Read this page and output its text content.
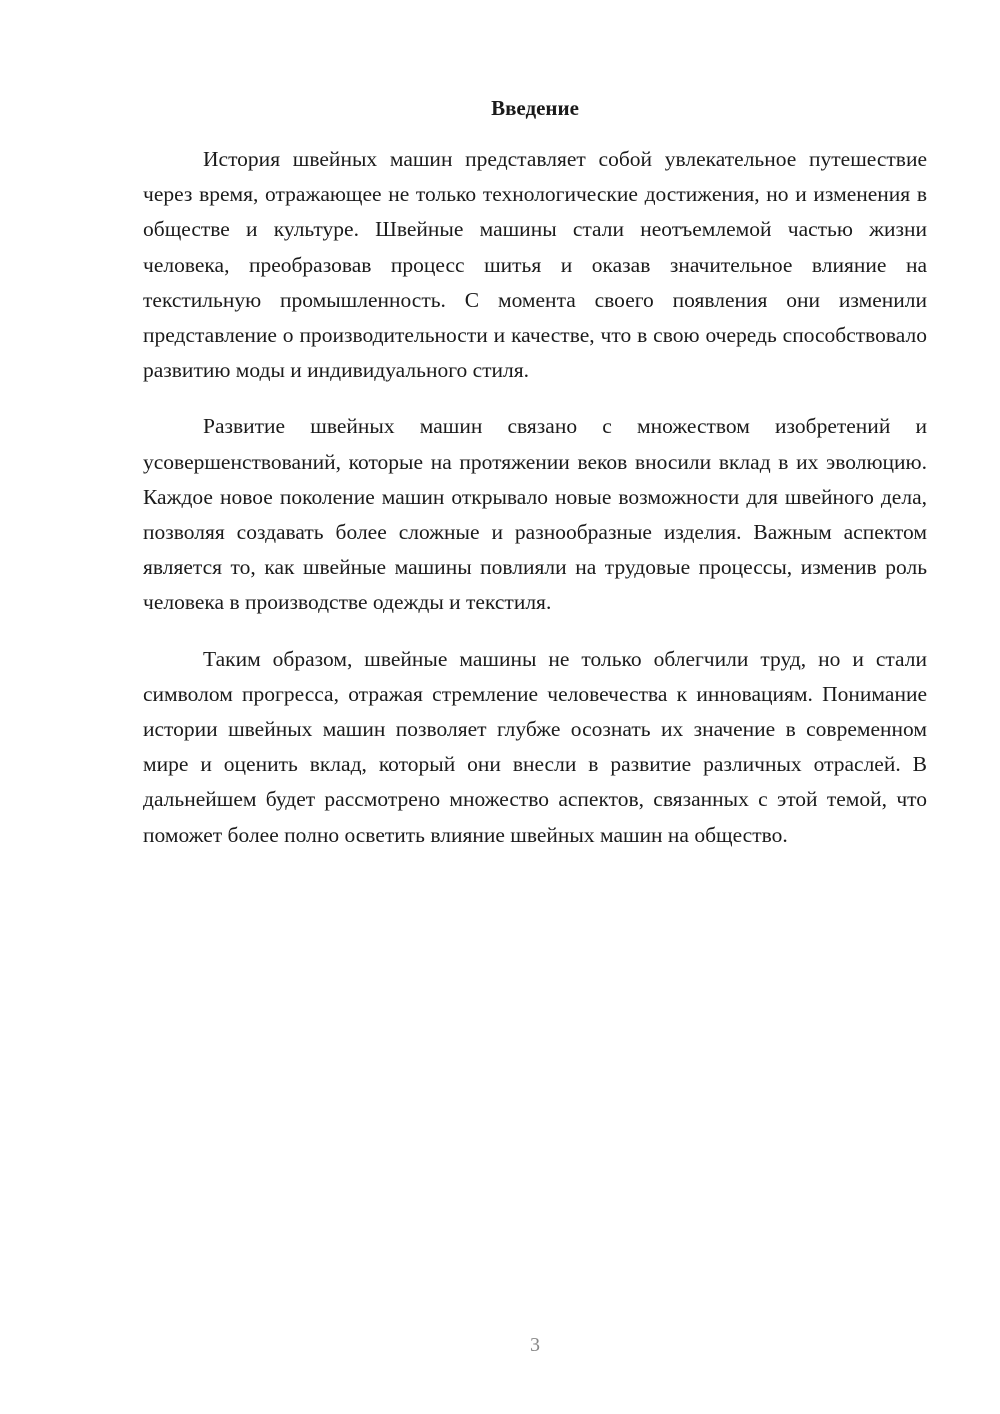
Введение

История швейных машин представляет собой увлекательное путешествие через время, отражающее не только технологические достижения, но и изменения в обществе и культуре. Швейные машины стали неотъемлемой частью жизни человека, преобразовав процесс шитья и оказав значительное влияние на текстильную промышленность. С момента своего появления они изменили представление о производительности и качестве, что в свою очередь способствовало развитию моды и индивидуального стиля.

Развитие швейных машин связано с множеством изобретений и усовершенствований, которые на протяжении веков вносили вклад в их эволюцию. Каждое новое поколение машин открывало новые возможности для швейного дела, позволяя создавать более сложные и разнообразные изделия. Важным аспектом является то, как швейные машины повлияли на трудовые процессы, изменив роль человека в производстве одежды и текстиля.

Таким образом, швейные машины не только облегчили труд, но и стали символом прогресса, отражая стремление человечества к инновациям. Понимание истории швейных машин позволяет глубже осознать их значение в современном мире и оценить вклад, который они внесли в развитие различных отраслей. В дальнейшем будет рассмотрено множество аспектов, связанных с этой темой, что поможет более полно осветить влияние швейных машин на общество.

3
